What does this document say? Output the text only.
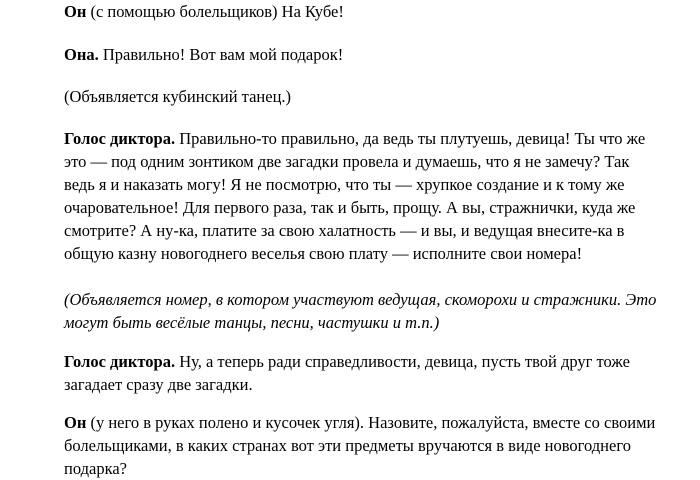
Он (с помощью болельщиков) На Кубе!

Она. Правильно! Вот вам мой подарок!

(Объявляется кубинский танец.)

Голос диктора. Правильно-то правильно, да ведь ты плутуешь, девица! Ты что же это — под одним зонтиком две загадки провела и думаешь, что я не замечу? Так ведь я и наказать могу! Я не посмотрю, что ты — хрупкое создание и к тому же очаровательное! Для первого раза, так и быть, прощу. А вы, стражнички, куда же смотрите? А ну-ка, платите за свою халатность — и вы, и ведущая внесите-ка в общую казну новогоднего веселья свою плату — исполните свои номера!

(Объявляется номер, в котором участвуют ведущая, скоморохи и стражники. Это могут быть весёлые танцы, песни, частушки и т.п.)

Голос диктора. Ну, а теперь ради справедливости, девица, пусть твой друг тоже загадает сразу две загадки.

Он (у него в руках полено и кусочек угля). Назовите, пожалуйста, вместе со своими болельщиками, в каких странах вот эти предметы вручаются в виде новогоднего подарка?
